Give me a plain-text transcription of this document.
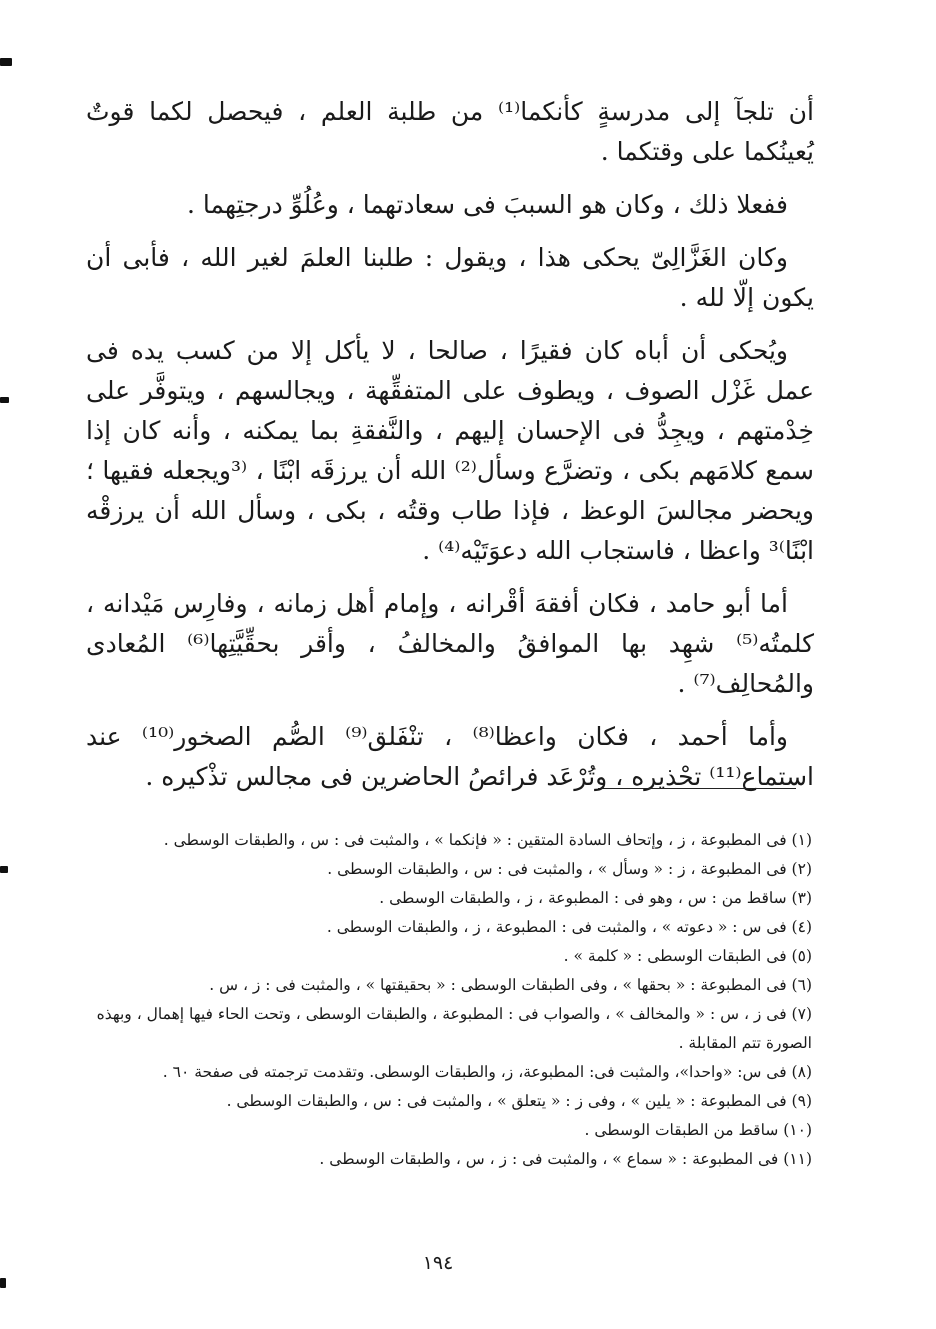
أن تلجآ إلى مدرسةٍ كأنكما⁽¹⁾ من طلبة العلم ، فيحصل لكما قوتٌ يُعينُكما على وقتكما .

ففعلا ذلك ، وكان هو السببَ فى سعادتهما ، وعُلُوِّ درجتِهما .

وكان الغَزَّالِىّ يحكى هذا ، ويقول : طلبنا العلمَ لغير الله ، فأبى أن يكون إلّا لله .

ويُحكى أن أباه كان فقيرًا ، صالحا ، لا يأكل إلا من كسب يده فى عمل غَزْل الصوف ، ويطوف على المتفقِّهة ، ويجالسهم ، ويتوفَّر على خِدْمتهم ، ويجِدُّ فى الإحسان إليهم ، والنَّفقةِ بما يمكنه ، وأنه كان إذا سمع كلامَهم بكى ، وتضرَّع وسأل⁽²⁾ الله أن يرزقَه ابْنًا ، ⁽³ويجعله فقيها ؛ ويحضر مجالسَ الوعظ ، فإذا طاب وقتُه ، بكى ، وسأل الله أن يرزقْه ابْنًا⁾³ واعظا ، فاستجاب الله دعوَتَيْه⁽⁴⁾ .

أما أبو حامد ، فكان أفقهَ أقْرانه ، وإمام أهل زمانه ، وفارِس مَيْدانه ، كلمتُه⁽⁵⁾ شهِد بها الموافقُ والمخالفُ ، وأقر بحقِّيَّتِها⁽⁶⁾ المُعادى والمُحالِف⁽⁷⁾ .

وأما أحمد ، فكان واعظا⁽⁸⁾ ، تنْفَلق⁽⁹⁾ الصُّم الصخور⁽¹⁰⁾ عند استماع⁽¹¹⁾ تحْذيره ، وتُرْعَد فرائصُ الحاضرين فى مجالس تذْكيره .

(١) فى المطبوعة ، ز ، وإتحاف السادة المتقين : « فإنكما » ، والمثبت فى : س ، والطبقات الوسطى .

(٢) فى المطبوعة ، ز : « وسأل » ، والمثبت فى : س ، والطبقات الوسطى .

(٣) ساقط من : س ، وهو فى : المطبوعة ، ز ، والطبقات الوسطى .

(٤) فى س : « دعوته » ، والمثبت فى : المطبوعة ، ز ، والطبقات الوسطى .

(٥) فى الطبقات الوسطى : « كلمة » .

(٦) فى المطبوعة : « بحقها » ، وفى الطبقات الوسطى : « بحقيقتها » ، والمثبت فى : ز ، س .

(٧) فى ز ، س : « والمخالف » ، والصواب فى : المطبوعة ، والطبقات الوسطى ، وتحت الحاء فيها إهمال ، وبهذه الصورة تتم المقابلة .

(٨) فى س: «واحدا»، والمثبت فى: المطبوعة، ز، والطبقات الوسطى. وتقدمت ترجمته فى صفحة ٦٠ .

(٩) فى المطبوعة : « يلين » ، وفى ز : « يتعلق » ، والمثبت فى : س ، والطبقات الوسطى .

(١٠) ساقط من الطبقات الوسطى .

(١١) فى المطبوعة : « سماع » ، والمثبت فى : ز ، س ، والطبقات الوسطى .

١٩٤
